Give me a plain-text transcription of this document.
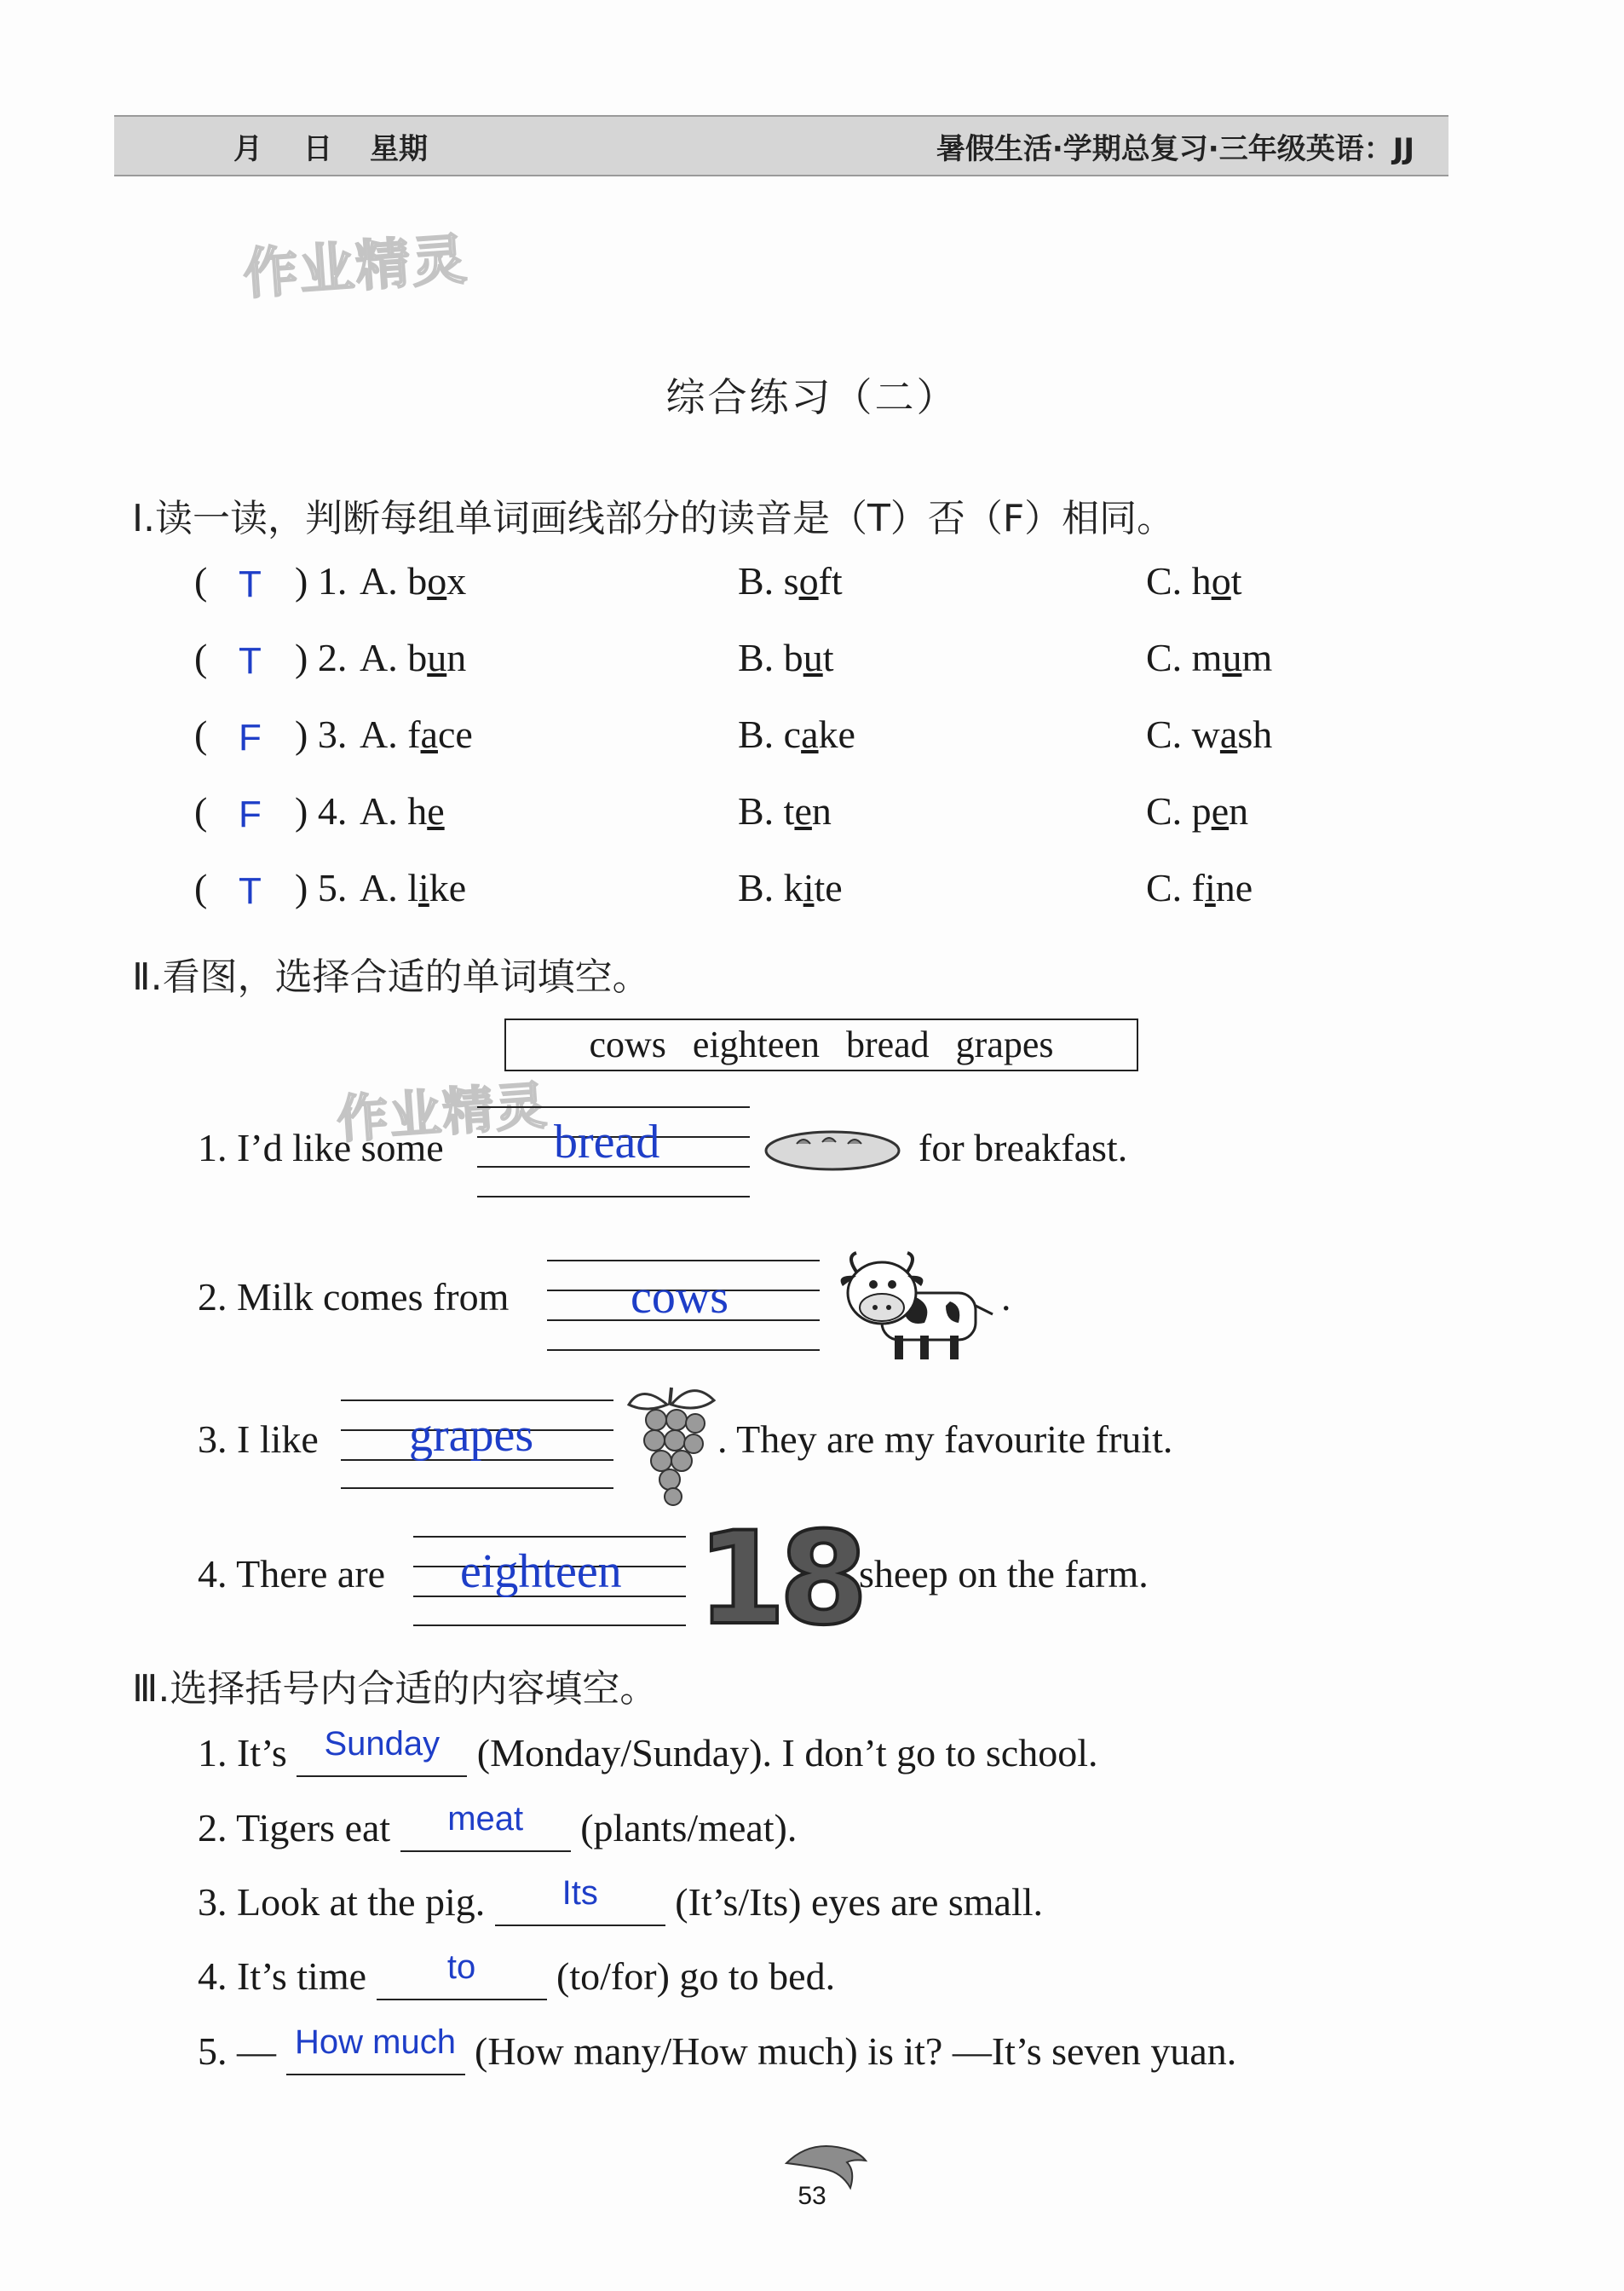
月 日 星期	暑假生活·学期总复习·三年级英语：JJ
作业精灵
作业精灵
综合练习（二）
Ⅰ.读一读，判断每组单词画线部分的读音是（T）否（F）相同。
( T ) 1. A. box	B. soft	C. hot
( T ) 2. A. bun	B. but	C. mum
( F ) 3. A. face	B. cake	C. wash
( F ) 4. A. he	B. ten	C. pen
( T ) 5. A. like	B. kite	C. fine
Ⅱ.看图，选择合适的单词填空。
cows eighteen bread grapes
1. I’d like some bread	for breakfast.
2. Milk comes from	cows	.
3. I like grapes	. They are my favourite fruit.
4. There are eighteen 18
sheep on the farm.
Ⅲ.选择括号内合适的内容填空。
1. It’s	Sunday (Monday/Sunday). I don’t go to school.
2. Tigers eat	meat	(plants/meat).
3. Look at the pig.	Its	(It’s/Its) eyes are small.
4. It’s time	to	(to/for) go to bed.
5. — How much (How many/How much) is it? —It’s seven yuan.
53
